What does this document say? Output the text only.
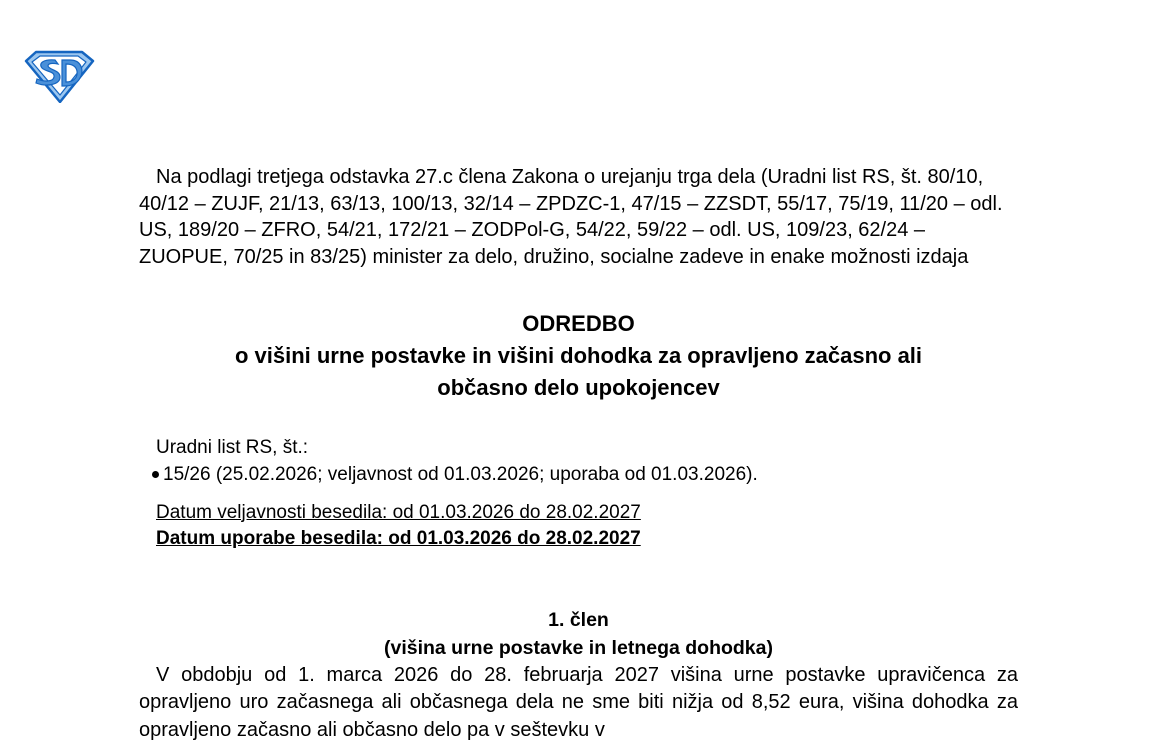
Na podlagi tretjega odstavka 27.c člena Zakona o urejanju trga dela (Uradni list RS, št. 80/10, 40/12 – ZUJF, 21/13, 63/13, 100/13, 32/14 – ZPDZC-1, 47/15 – ZZSDT, 55/17, 75/19, 11/20 – odl. US, 189/20 – ZFRO, 54/21, 172/21 – ZODPol-G, 54/22, 59/22 – odl. US, 109/23, 62/24 – ZUOPUE, 70/25 in 83/25) minister za delo, družino, socialne zadeve in enake možnosti izdaja

ODREDBO
o višini urne postavke in višini dohodka za opravljeno začasno ali
občasno delo upokojencev
Uradni list RS, št.:
15/26 (25.02.2026; veljavnost od 01.03.2026; uporaba od 01.03.2026).
Datum veljavnosti besedila: od 01.03.2026 do 28.02.2027
Datum uporabe besedila: od 01.03.2026 do 28.02.2027
1. člen
(višina urne postavke in letnega dohodka)

V obdobju od 1. marca 2026 do 28. februarja 2027 višina urne postavke upravičenca za opravljeno uro začasnega ali občasnega dela ne sme biti nižja od 8,52 eura, višina dohodka za opravljeno začasno ali občasno delo pa v seštevku v
